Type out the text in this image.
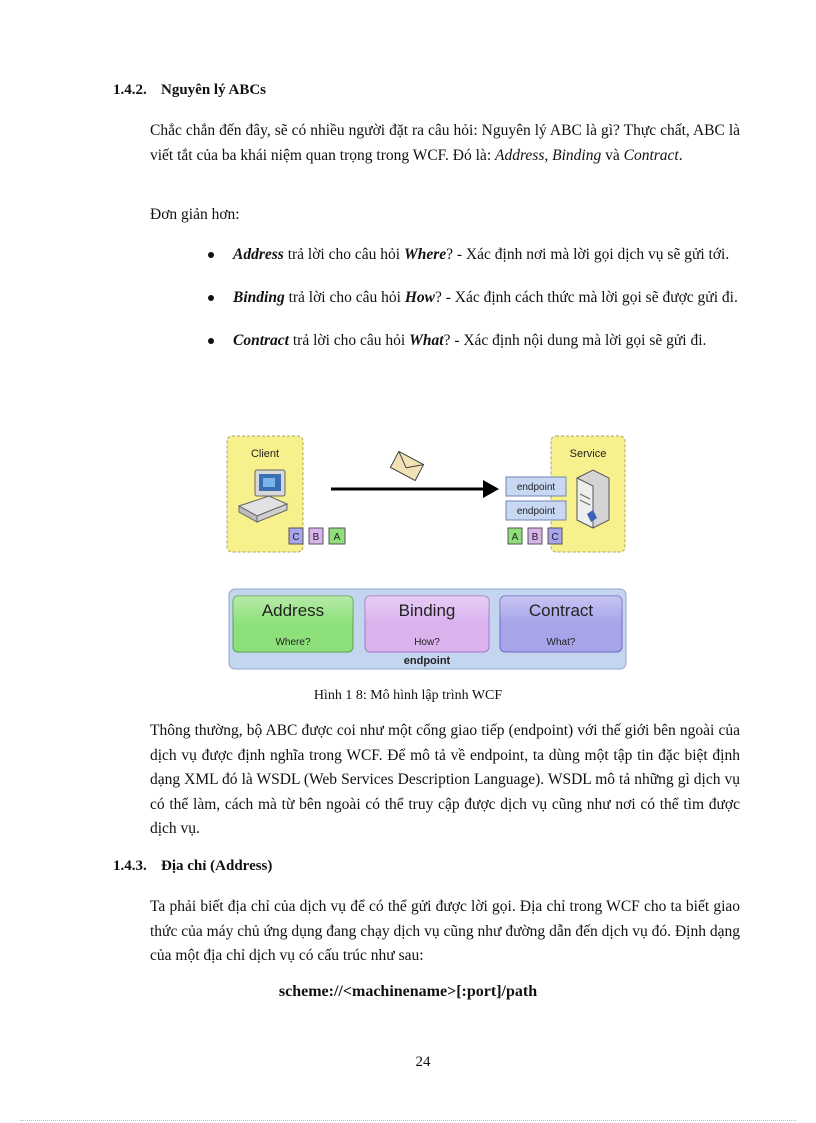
1.4.2. Nguyên lý ABCs

Chắc chắn đến đây, sẽ có nhiều người đặt ra câu hỏi: Nguyên lý ABC là gì? Thực chất, ABC là viết tắt của ba khái niệm quan trọng trong WCF. Đó là: Address, Binding và Contract.

Đơn giản hơn:

Address trả lời cho câu hỏi Where? - Xác định nơi mà lời gọi dịch vụ sẽ gửi tới.
Binding trả lời cho câu hỏi How? - Xác định cách thức mà lời gọi sẽ được gửi đi.
Contract trả lời cho câu hỏi What? - Xác định nội dung mà lời gọi sẽ gửi đi.
Client
C B A
Service
endpoint
endpoint
A B C
Address
Where?
Binding
How?
Contract
What?
endpoint

Hình 1 8: Mô hình lập trình WCF

Thông thường, bộ ABC được coi như một cổng giao tiếp (endpoint) với thế giới bên ngoài của dịch vụ được định nghĩa trong WCF. Để mô tả về endpoint, ta dùng một tập tin đặc biệt định dạng XML đó là WSDL (Web Services Description Language). WSDL mô tả những gì dịch vụ có thể làm, cách mà từ bên ngoài có thể truy cập được dịch vụ cũng như nơi có thể tìm được dịch vụ.

1.4.3. Địa chỉ (Address)

Ta phải biết địa chỉ của dịch vụ để có thể gửi được lời gọi. Địa chỉ trong WCF cho ta biết giao thức của máy chủ ứng dụng đang chạy dịch vụ cũng như đường dẫn đến dịch vụ đó. Định dạng của một địa chỉ dịch vụ có cấu trúc như sau:

scheme://<machinename>[:port]/path

24
